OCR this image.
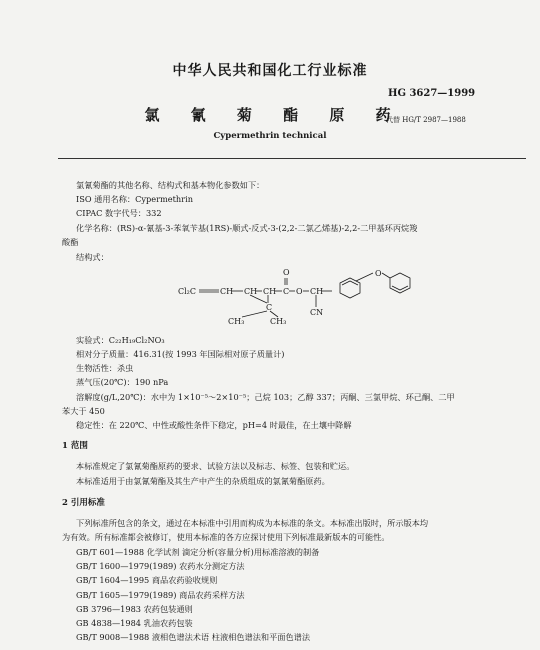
中华人民共和国化工行业标准
HG 3627—1999
氯 氰 菊 酯 原 药
代替 HG/T 2987—1988
Cypermethrin technical
氯氰菊酯的其他名称、结构式和基本物化参数如下：
ISO 通用名称：Cypermethrin
CIPAC 数字代号：332
化学名称：(RS)-α-氰基-3-苯氧苄基(1RS)-顺式-反式-3-(2,2-二氯乙烯基)-2,2-二甲基环丙烷羧
酸酯
结构式：
Cl₂C	CH CH CH C
O
O CH
CN
C
CH₃	CH₃
O
实验式：C₂₂H₁₉Cl₂NO₃
相对分子质量：416.31(按 1993 年国际相对原子质量计)
生物活性：杀虫
蒸气压(20℃)：190 nPa
溶解度(g/L,20℃)：水中为 1×10⁻⁵～2×10⁻⁵；己烷 103；乙醇 337；丙酮、三氯甲烷、环己酮、二甲
苯大于 450
稳定性：在 220℃、中性或酸性条件下稳定，pH=4 时最佳，在土壤中降解
1 范围
本标准规定了氯氰菊酯原药的要求、试验方法以及标志、标签、包装和贮运。
本标准适用于由氯氰菊酯及其生产中产生的杂质组成的氯氰菊酯原药。
2 引用标准
下列标准所包含的条文，通过在本标准中引用而构成为本标准的条文。本标准出版时，所示版本均
为有效。所有标准都会被修订，使用本标准的各方应探讨使用下列标准最新版本的可能性。
GB/T 601—1988 化学试剂 滴定分析(容量分析)用标准溶液的制备
GB/T 1600—1979(1989) 农药水分测定方法
GB/T 1604—1995 商品农药验收规则
GB/T 1605—1979(1989) 商品农药采样方法
GB 3796—1983 农药包装通则
GB 4838—1984 乳油农药包装
GB/T 9008—1988 液相色谱法术语 柱液相色谱法和平面色谱法
